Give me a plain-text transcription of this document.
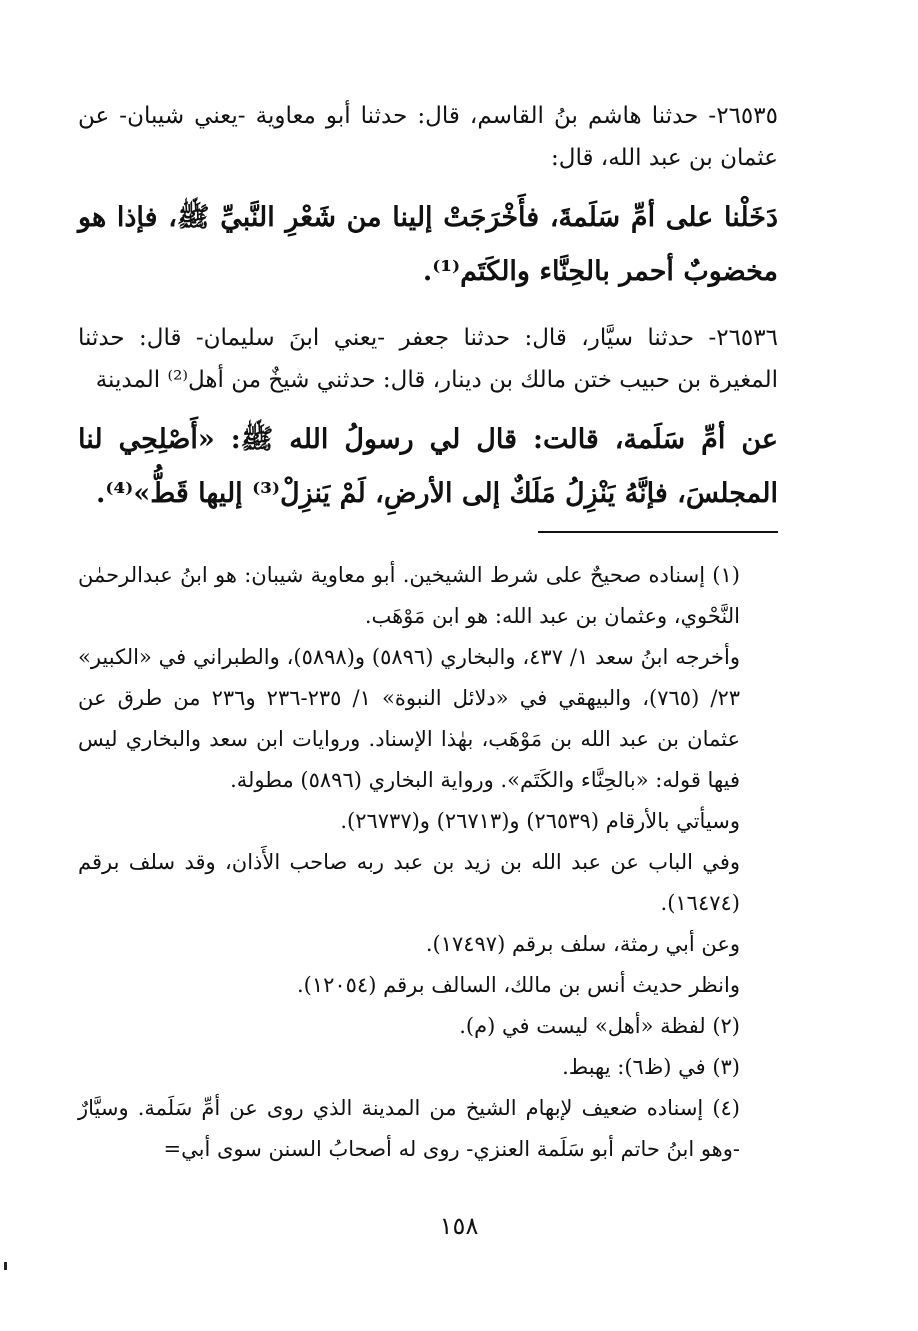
٢٦٥٣٥- حدثنا هاشم بنُ القاسم، قال: حدثنا أبو معاوية -يعني شيبان- عن عثمان بن عبد الله، قال:

دَخَلْنا على أمِّ سَلَمةَ، فأَخْرَجَتْ إلينا من شَعْرِ النَّبيِّ ﷺ، فإذا هو مخضوبٌ أحمر بالحِنَّاء والكَتَم⁽¹⁾.

٢٦٥٣٦- حدثنا سيَّار، قال: حدثنا جعفر -يعني ابنَ سليمان- قال: حدثنا المغيرة بن حبيب ختن مالك بن دينار، قال: حدثني شيخٌ من أهل⁽²⁾ المدينة

عن أمِّ سَلَمة، قالت: قال لي رسولُ الله ﷺ: «أَصْلِحِي لنا المجلسَ، فإنَّهُ يَنْزِلُ مَلَكٌ إلى الأرضِ، لَمْ يَنزِلْ⁽³⁾ إليها قَطُّ»⁽⁴⁾.

(١) إسناده صحيحٌ على شرط الشيخين. أبو معاوية شيبان: هو ابنُ عبدالرحمٰن النَّحْوي، وعثمان بن عبد الله: هو ابن مَوْهَب.

وأخرجه ابنُ سعد ١/ ٤٣٧، والبخاري (٥٨٩٦) و(٥٨٩٨)، والطبراني في «الكبير» ٢٣/ (٧٦٥)، والبيهقي في «دلائل النبوة» ١/ ٢٣٥-٢٣٦ و٢٣٦ من طرق عن عثمان بن عبد الله بن مَوْهَب، بهٰذا الإسناد. وروايات ابن سعد والبخاري ليس فيها قوله: «بالحِنَّاء والكَتَم». ورواية البخاري (٥٨٩٦) مطولة.

وسيأتي بالأرقام (٢٦٥٣٩) و(٢٦٧١٣) و(٢٦٧٣٧).

وفي الباب عن عبد الله بن زيد بن عبد ربه صاحب الأَذان، وقد سلف برقم (١٦٤٧٤).

وعن أبي رمثة، سلف برقم (١٧٤٩٧).

وانظر حديث أنس بن مالك، السالف برقم (١٢٠٥٤).

(٢) لفظة «أهل» ليست في (م).

(٣) في (ظ٦): يهبط.

(٤) إسناده ضعيف لإبهام الشيخ من المدينة الذي روى عن أمِّ سَلَمة. وسيَّارٌ -وهو ابنُ حاتم أبو سَلَمة العنزي- روى له أصحابُ السنن سوى أبي=

١٥٨
